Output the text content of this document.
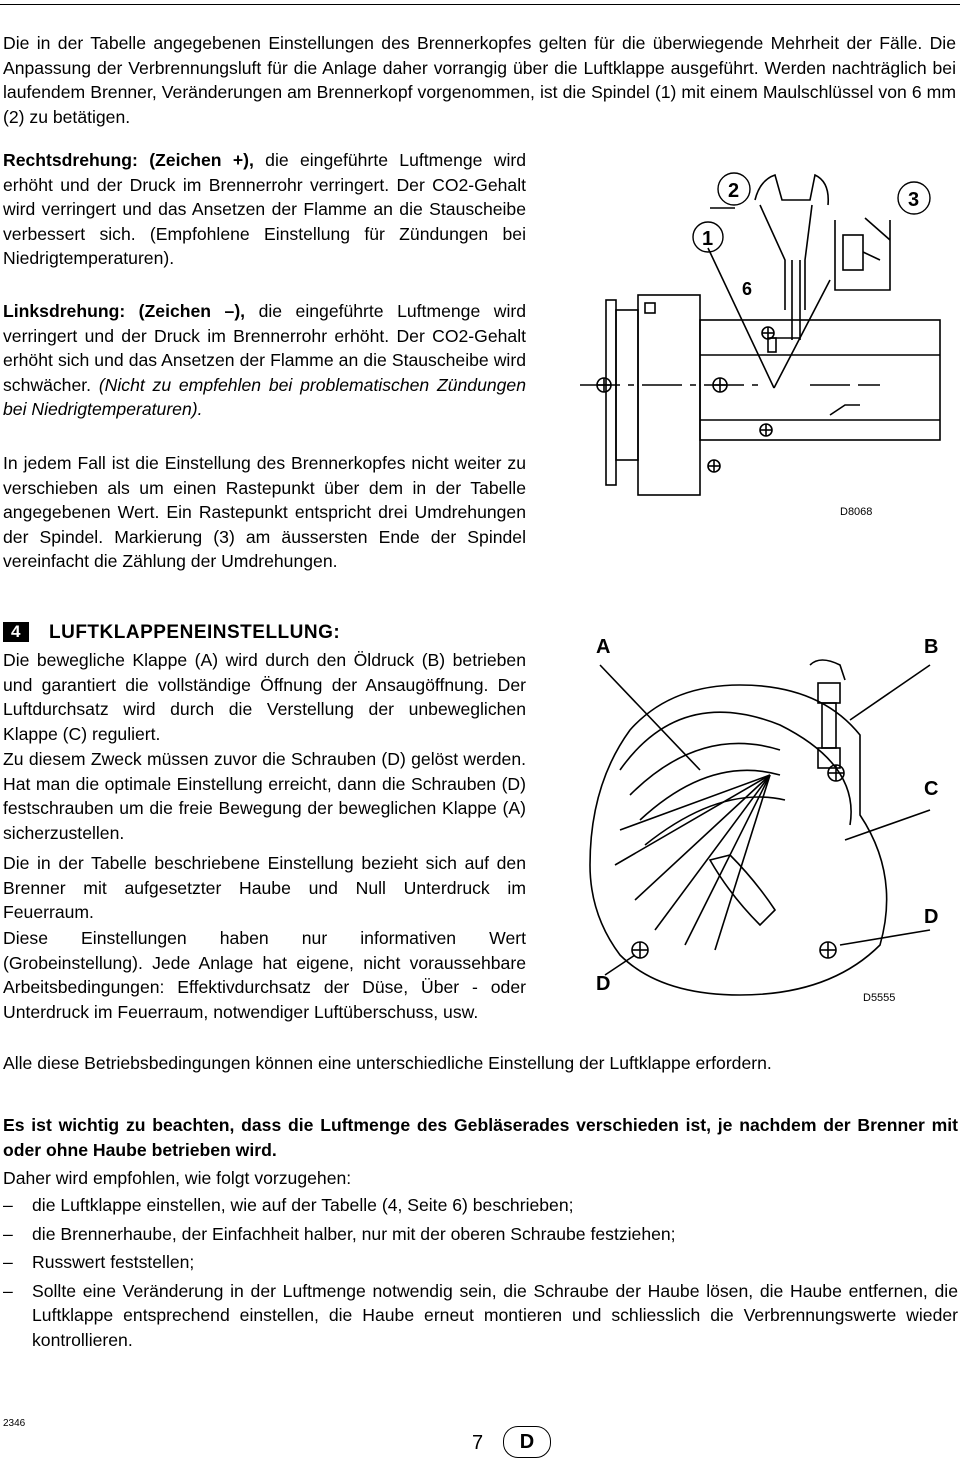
Die in der Tabelle angegebenen Einstellungen des Brennerkopfes gelten für die überwiegende Mehrheit der Fälle. Die Anpassung der Verbrennungsluft für die Anlage daher vorrangig über die Luftklappe ausgeführt. Werden nachträglich bei laufendem Brenner, Veränderungen am Brennerkopf vorgenommen, ist die Spindel (1) mit einem Maulschlüssel von 6 mm (2) zu betätigen.

Rechtsdrehung: (Zeichen +), die eingeführte Luftmenge wird erhöht und der Druck im Brennerrohr verringert. Der CO2-Gehalt wird verringert und das Ansetzen der Flamme an die Stauscheibe verbessert sich. (Empfohlene Einstellung für Zündungen bei Niedrigtemperaturen).

Linksdrehung: (Zeichen –), die eingeführte Luftmenge wird verringert und der Druck im Brennerrohr erhöht. Der CO2-Gehalt erhöht sich und das Ansetzen der Flamme an die Stauscheibe wird schwächer. (Nicht zu empfehlen bei problematischen Zündungen bei Niedrigtemperaturen).

In jedem Fall ist die Einstellung des Brennerkopfes nicht weiter zu verschieben als um einen Rastepunkt über dem in der Tabelle angegebenen Wert. Ein Rastepunkt entspricht drei Umdrehungen der Spindel. Markierung (3) am äussersten Ende der Spindel vereinfacht die Zählung der Umdrehungen.

2
1
3
6
D8068
4 LUFTKLAPPENEINSTELLUNG:

Die bewegliche Klappe (A) wird durch den Öldruck (B) betrieben und garantiert die vollständige Öffnung der Ansaugöffnung. Der Luftdurchsatz wird durch die Verstellung der unbeweglichen Klappe (C) reguliert.

Zu diesem Zweck müssen zuvor die Schrauben (D) gelöst werden. Hat man die optimale Einstellung erreicht, dann die Schrauben (D) festschrauben um die freie Bewegung der beweglichen Klappe (A) sicherzustellen.

Die in der Tabelle beschriebene Einstellung bezieht sich auf den Brenner mit aufgesetzter Haube und Null Unterdruck im Feuerraum.

Diese Einstellungen haben nur informativen Wert (Grobeinstellung). Jede Anlage hat eigene, nicht voraussehbare Arbeitsbedingungen: Effektivdurchsatz der Düse, Über - oder Unterdruck im Feuerraum, notwendiger Luftüberschuss, usw.

Alle diese Betriebsbedingungen können eine unterschiedliche Einstellung der Luftklappe erfordern.

A	B
C
D
D
D5555

Es ist wichtig zu beachten, dass die Luftmenge des Gebläserades verschieden ist, je nachdem der Brenner mit oder ohne Haube betrieben wird.

Daher wird empfohlen, wie folgt vorzugehen:

– die Luftklappe einstellen, wie auf der Tabelle (4, Seite 6) beschrieben;
– die Brennerhaube, der Einfachheit halber, nur mit der oberen Schraube festziehen;
– Russwert feststellen;
– Sollte eine Veränderung in der Luftmenge notwendig sein, die Schraube der Haube lösen, die Haube entfernen, die Luftklappe entsprechend einstellen, die Haube erneut montieren und schliesslich die Verbrennungswerte wieder kontrollieren.
2346
7	D
